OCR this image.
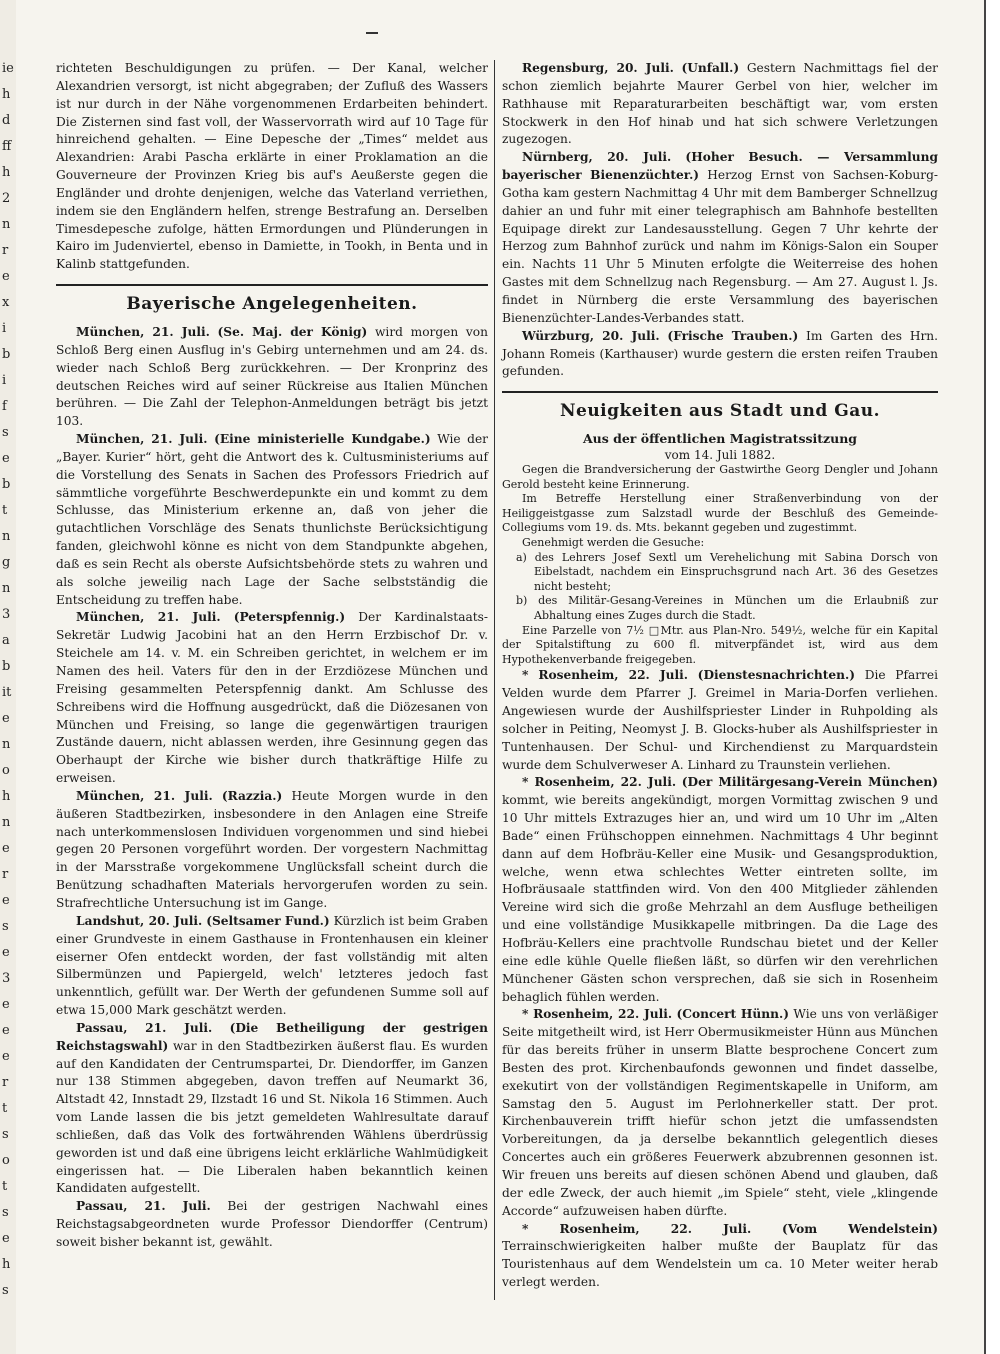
ie
h
d
ff
h
2
n
r
e
x
i
b
i
f
s
e
b
t
n
g
n
3
a
b
it
e
n
o
h
n
e
r
e
s
e
3
e
e
e
r
t
s
o
t
s
e
h
s

richteten Beschuldigungen zu prüfen. — Der Kanal, welcher Alexandrien versorgt, ist nicht abgegraben; der Zufluß des Wassers ist nur durch in der Nähe vorgenommenen Erdarbeiten behindert. Die Zisternen sind fast voll, der Wasservorrath wird auf 10 Tage für hinreichend gehalten. — Eine Depesche der „Times“ meldet aus Alexandrien: Arabi Pascha erklärte in einer Proklamation an die Gouverneure der Provinzen Krieg bis auf's Aeußerste gegen die Engländer und drohte denjenigen, welche das Vaterland verriethen, indem sie den Engländern helfen, strenge Bestrafung an. Derselben Timesdepesche zufolge, hätten Ermordungen und Plünderungen in Kairo im Judenviertel, ebenso in Damiette, in Tookh, in Benta und in Kalinb stattgefunden.

Bayerische Angelegenheiten.

München, 21. Juli. (Se. Maj. der König) wird morgen von Schloß Berg einen Ausflug in's Gebirg unternehmen und am 24. ds. wieder nach Schloß Berg zurückkehren. — Der Kronprinz des deutschen Reiches wird auf seiner Rückreise aus Italien München berühren. — Die Zahl der Telephon-Anmeldungen beträgt bis jetzt 103.

München, 21. Juli. (Eine ministerielle Kundgabe.) Wie der „Bayer. Kurier“ hört, geht die Antwort des k. Cultusministeriums auf die Vorstellung des Senats in Sachen des Professors Friedrich auf sämmtliche vorgeführte Beschwerdepunkte ein und kommt zu dem Schlusse, das Ministerium erkenne an, daß von jeher die gutachtlichen Vorschläge des Senats thunlichste Berücksichtigung fanden, gleichwohl könne es nicht von dem Standpunkte abgehen, daß es sein Recht als oberste Aufsichtsbehörde stets zu wahren und als solche jeweilig nach Lage der Sache selbstständig die Entscheidung zu treffen habe.

München, 21. Juli. (Peterspfennig.) Der Kardinalstaats-Sekretär Ludwig Jacobini hat an den Herrn Erzbischof Dr. v. Steichele am 14. v. M. ein Schreiben gerichtet, in welchem er im Namen des heil. Vaters für den in der Erzdiözese München und Freising gesammelten Peterspfennig dankt. Am Schlusse des Schreibens wird die Hoffnung ausgedrückt, daß die Diözesanen von München und Freising, so lange die gegenwärtigen traurigen Zustände dauern, nicht ablassen werden, ihre Gesinnung gegen das Oberhaupt der Kirche wie bisher durch thatkräftige Hilfe zu erweisen.

München, 21. Juli. (Razzia.) Heute Morgen wurde in den äußeren Stadtbezirken, insbesondere in den Anlagen eine Streife nach unterkommenslosen Individuen vorgenommen und sind hiebei gegen 20 Personen vorgeführt worden. Der vorgestern Nachmittag in der Marsstraße vorgekommene Unglücksfall scheint durch die Benützung schadhaften Materials hervorgerufen worden zu sein. Strafrechtliche Untersuchung ist im Gange.

Landshut, 20. Juli. (Seltsamer Fund.) Kürzlich ist beim Graben einer Grundveste in einem Gasthause in Frontenhausen ein kleiner eiserner Ofen entdeckt worden, der fast vollständig mit alten Silbermünzen und Papiergeld, welch' letzteres jedoch fast unkenntlich, gefüllt war. Der Werth der gefundenen Summe soll auf etwa 15,000 Mark geschätzt werden.

Passau, 21. Juli. (Die Betheiligung der gestrigen Reichstagswahl) war in den Stadtbezirken äußerst flau. Es wurden auf den Kandidaten der Centrumspartei, Dr. Diendorffer, im Ganzen nur 138 Stimmen abgegeben, davon treffen auf Neumarkt 36, Altstadt 42, Innstadt 29, Ilzstadt 16 und St. Nikola 16 Stimmen. Auch vom Lande lassen die bis jetzt gemeldeten Wahlresultate darauf schließen, daß das Volk des fortwährenden Wählens überdrüssig geworden ist und daß eine übrigens leicht erklärliche Wahlmüdigkeit eingerissen hat. — Die Liberalen haben bekanntlich keinen Kandidaten aufgestellt.

Passau, 21. Juli. Bei der gestrigen Nachwahl eines Reichstagsabgeordneten wurde Professor Diendorffer (Centrum) soweit bisher bekannt ist, gewählt.

Regensburg, 20. Juli. (Unfall.) Gestern Nachmittags fiel der schon ziemlich bejahrte Maurer Gerbel von hier, welcher im Rathhause mit Reparaturarbeiten beschäftigt war, vom ersten Stockwerk in den Hof hinab und hat sich schwere Verletzungen zugezogen.

Nürnberg, 20. Juli. (Hoher Besuch. — Versammlung bayerischer Bienenzüchter.) Herzog Ernst von Sachsen-Koburg-Gotha kam gestern Nachmittag 4 Uhr mit dem Bamberger Schnellzug dahier an und fuhr mit einer telegraphisch am Bahnhofe bestellten Equipage direkt zur Landesausstellung. Gegen 7 Uhr kehrte der Herzog zum Bahnhof zurück und nahm im Königs-Salon ein Souper ein. Nachts 11 Uhr 5 Minuten erfolgte die Weiterreise des hohen Gastes mit dem Schnellzug nach Regensburg. — Am 27. August l. Js. findet in Nürnberg die erste Versammlung des bayerischen Bienenzüchter-Landes-Verbandes statt.

Würzburg, 20. Juli. (Frische Trauben.) Im Garten des Hrn. Johann Romeis (Karthauser) wurde gestern die ersten reifen Trauben gefunden.

Neuigkeiten aus Stadt und Gau.
Aus der öffentlichen Magistratssitzung
vom 14. Juli 1882.

Gegen die Brandversicherung der Gastwirthe Georg Dengler und Johann Gerold besteht keine Erinnerung.

Im Betreffe Herstellung einer Straßenverbindung von der Heiliggeistgasse zum Salzstadl wurde der Beschluß des Gemeinde-Collegiums vom 19. ds. Mts. bekannt gegeben und zugestimmt.

Genehmigt werden die Gesuche:

a) des Lehrers Josef Sextl um Verehelichung mit Sabina Dorsch von Eibelstadt, nachdem ein Einspruchsgrund nach Art. 36 des Gesetzes nicht besteht;

b) des Militär-Gesang-Vereines in München um die Erlaubniß zur Abhaltung eines Zuges durch die Stadt.

Eine Parzelle von 7½ □Mtr. aus Plan-Nro. 549½, welche für ein Kapital der Spitalstiftung zu 600 fl. mitverpfändet ist, wird aus dem Hypothekenverbande freigegeben.

* Rosenheim, 22. Juli. (Dienstesnachrichten.) Die Pfarrei Velden wurde dem Pfarrer J. Greimel in Maria-Dorfen verliehen. Angewiesen wurde der Aushilfspriester Linder in Ruhpolding als solcher in Peiting, Neomyst J. B. Glocks-huber als Aushilfspriester in Tuntenhausen. Der Schul- und Kirchendienst zu Marquardstein wurde dem Schulverweser A. Linhard zu Traunstein verliehen.

* Rosenheim, 22. Juli. (Der Militärgesang-Verein München) kommt, wie bereits angekündigt, morgen Vormittag zwischen 9 und 10 Uhr mittels Extrazuges hier an, und wird um 10 Uhr im „Alten Bade“ einen Frühschoppen einnehmen. Nachmittags 4 Uhr beginnt dann auf dem Hofbräu-Keller eine Musik- und Gesangsproduktion, welche, wenn etwa schlechtes Wetter eintreten sollte, im Hofbräusaale stattfinden wird. Von den 400 Mitglieder zählenden Vereine wird sich die große Mehrzahl an dem Ausfluge betheiligen und eine vollständige Musikkapelle mitbringen. Da die Lage des Hofbräu-Kellers eine prachtvolle Rundschau bietet und der Keller eine edle kühle Quelle fließen läßt, so dürfen wir den verehrlichen Münchener Gästen schon versprechen, daß sie sich in Rosenheim behaglich fühlen werden.

* Rosenheim, 22. Juli. (Concert Hünn.) Wie uns von verläßiger Seite mitgetheilt wird, ist Herr Obermusikmeister Hünn aus München für das bereits früher in unserm Blatte besprochene Concert zum Besten des prot. Kirchenbaufonds gewonnen und findet dasselbe, exekutirt von der vollständigen Regimentskapelle in Uniform, am Samstag den 5. August im Perlohnerkeller statt. Der prot. Kirchenbauverein trifft hiefür schon jetzt die umfassendsten Vorbereitungen, da ja derselbe bekanntlich gelegentlich dieses Concertes auch ein größeres Feuerwerk abzubrennen gesonnen ist. Wir freuen uns bereits auf diesen schönen Abend und glauben, daß der edle Zweck, der auch hiemit „im Spiele“ steht, viele „klingende Accorde“ aufzuweisen haben dürfte.

* Rosenheim, 22. Juli.	(Vom Wendelstein) Terrainschwierigkeiten halber mußte der Bauplatz für das Touristenhaus auf dem Wendelstein um ca. 10 Meter weiter herab verlegt werden.
